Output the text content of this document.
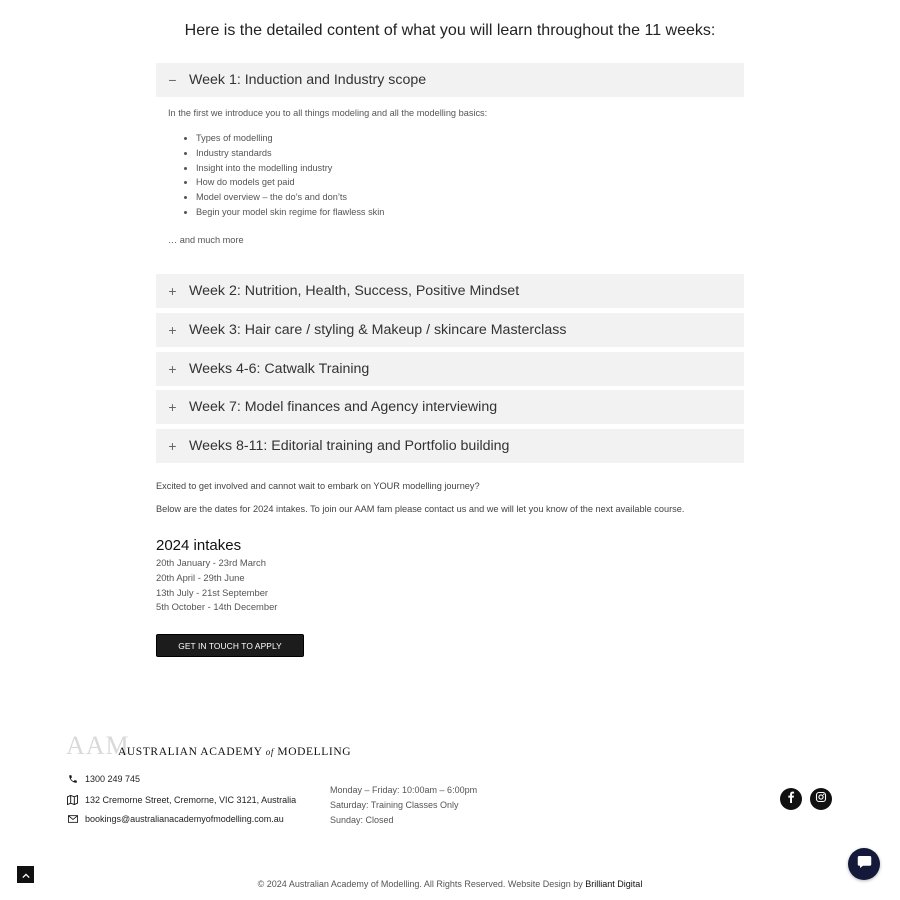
Here is the detailed content of what you will learn throughout the 11 weeks:
− Week 1: Induction and Industry scope
In the first we introduce you to all things modeling and all the modelling basics:
• Types of modelling
• Industry standards
• Insight into the modelling industry
• How do models get paid
• Model overview – the do’s and don’ts
• Begin your model skin regime for flawless skin
… and much more
+ Week 2: Nutrition, Health, Success, Positive Mindset
+ Week 3: Hair care / styling & Makeup / skincare Masterclass
+ Weeks 4-6: Catwalk Training
+ Week 7: Model finances and Agency interviewing
+ Weeks 8-11: Editorial training and Portfolio building
Excited to get involved and cannot wait to embark on YOUR modelling journey?
Below are the dates for 2024 intakes. To join our AAM fam please contact us and we will let you know of the next available course.
2024 intakes
20th January - 23rd March
20th April - 29th June
13th July - 21st September
5th October - 14th December
GET IN TOUCH TO APPLY
AAM
AUSTRALIAN ACADEMY of MODELLING
1300 249 745
132 Cremorne Street, Cremorne, VIC 3121, Australia
bookings@australianacademyofmodelling.com.au
Monday – Friday: 10:00am – 6:00pm
Saturday: Training Classes Only
Sunday: Closed
© 2024 Australian Academy of Modelling. All Rights Reserved. Website Design by Brilliant Digital
